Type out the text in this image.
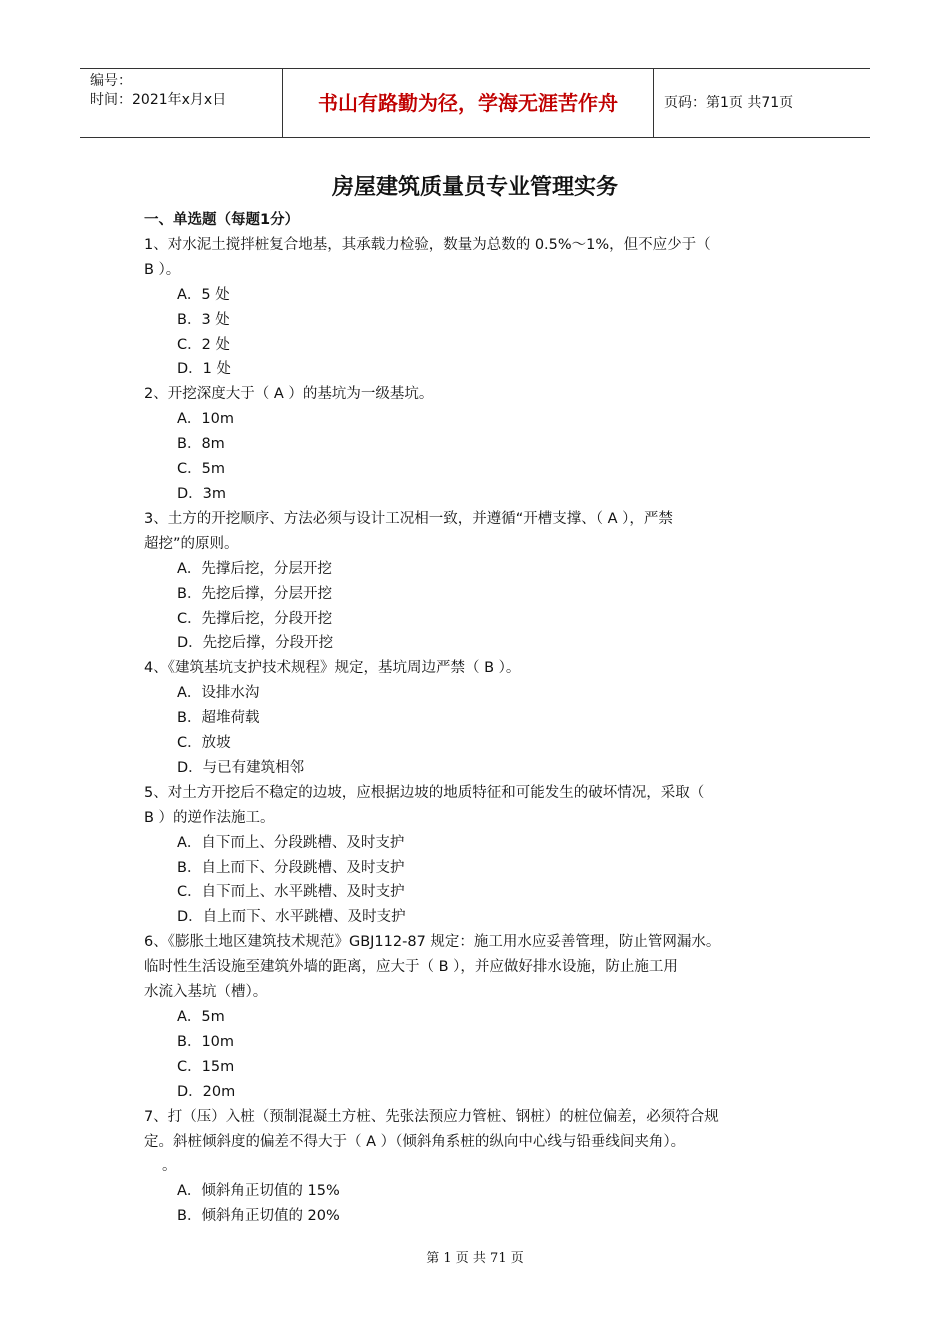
编号：
时间：2021年x月x日	书山有路勤为径，学海无涯苦作舟	页码：第1页 共71页
房屋建筑质量员专业管理实务

一、单选题（每题1分）

1、对水泥土搅拌桩复合地基，其承载力检验，数量为总数的 0.5%～1%，但不应少于（

B ）。

A．5 处

B．3 处

C．2 处

D．1 处

2、开挖深度大于（ A ）的基坑为一级基坑。

A．10m

B．8m

C．5m

D．3m

3、土方的开挖顺序、方法必须与设计工况相一致，并遵循“开槽支撑、（ A ），严禁

超挖”的原则。

A．先撑后挖，分层开挖

B．先挖后撑，分层开挖

C．先撑后挖，分段开挖

D．先挖后撑，分段开挖

4、《建筑基坑支护技术规程》规定，基坑周边严禁（ B ）。

A．设排水沟

B．超堆荷载

C．放坡

D．与已有建筑相邻

5、对土方开挖后不稳定的边坡，应根据边坡的地质特征和可能发生的破坏情况，采取（

B ）的逆作法施工。

A．自下而上、分段跳槽、及时支护

B．自上而下、分段跳槽、及时支护

C．自下而上、水平跳槽、及时支护

D．自上而下、水平跳槽、及时支护

6、《膨胀土地区建筑技术规范》GBJ112-87 规定：施工用水应妥善管理，防止管网漏水。

临时性生活设施至建筑外墙的距离，应大于（ B ），并应做好排水设施，防止施工用

水流入基坑（槽）。

A．5m

B．10m

C．15m

D．20m

7、打（压）入桩（预制混凝土方桩、先张法预应力管桩、钢桩）的桩位偏差，必须符合规

定。斜桩倾斜度的偏差不得大于（ A ）（倾斜角系桩的纵向中心线与铅垂线间夹角）。

。

A．倾斜角正切值的 15%

B．倾斜角正切值的 20%

第 1 页 共 71 页
